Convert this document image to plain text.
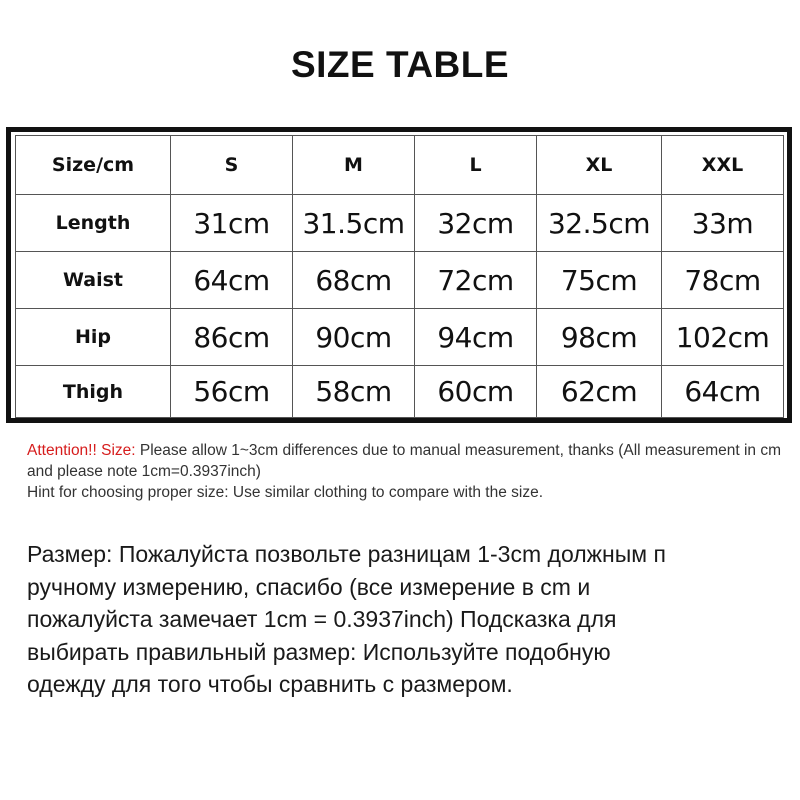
SIZE TABLE
Size/cm	S	M	L	XL	XXL
Length	31cm	31.5cm	32cm	32.5cm	33m
Waist	64cm	68cm	72cm	75cm	78cm
Hip	86cm	90cm	94cm	98cm	102cm
Thigh	56cm	58cm	60cm	62cm	64cm
Attention!! Size: Please allow 1~3cm differences due to manual measurement, thanks (All measurement in cm and please note 1cm=0.3937inch)
Hint for choosing proper size: Use similar clothing to compare with the size.
Размер: Пожалуйста позвольте разницам 1-3cm должным п
ручному измерению, спасибо (все измерение в cm и
пожалуйста замечает 1cm = 0.3937inch) Подсказка для
выбирать правильный размер: Используйте подобную
одежду для того чтобы сравнить с размером.
